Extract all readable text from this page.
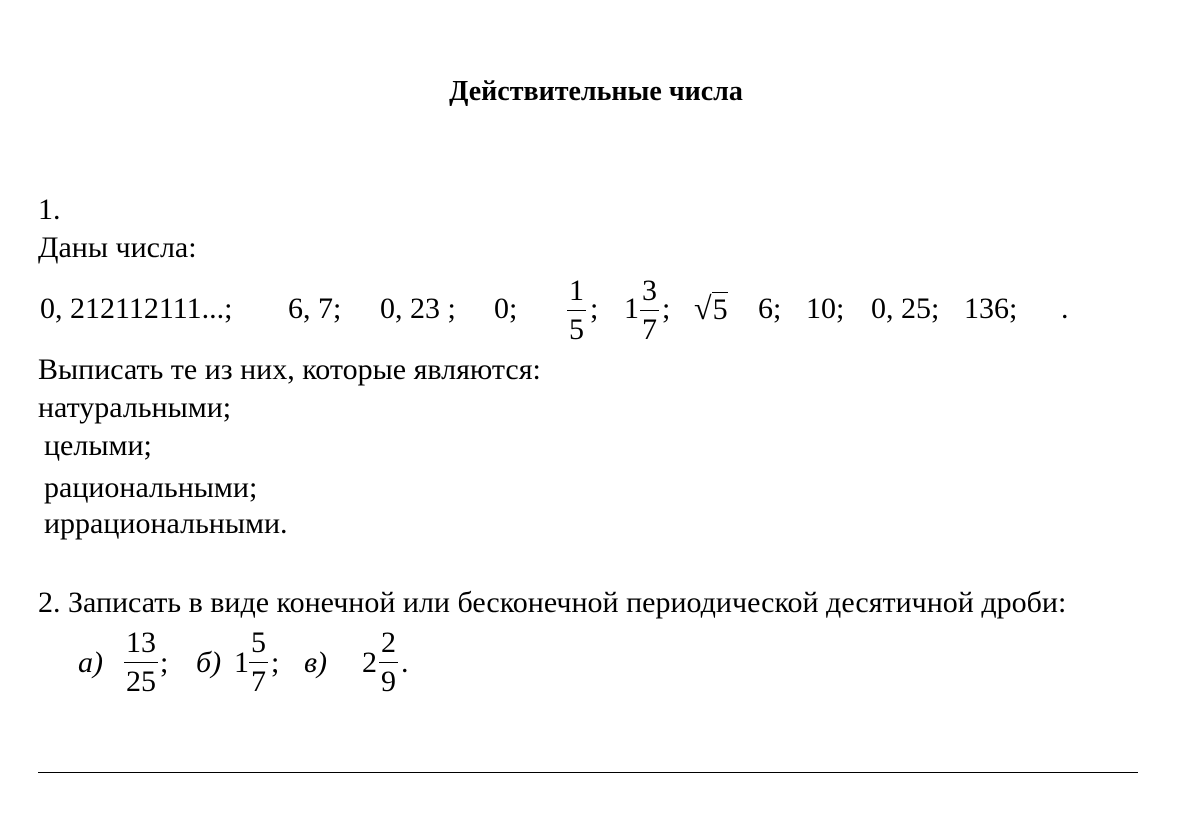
Действительные числа
1.
Даны числа:
0, 212112111...; 6, 7; 0, 23 ; 0;
1
5
; 1
3
7
; √5 6; 10; 0, 25; 136; .
Выписать те из них, которые являются:
натуральными;
целыми;
рациональными;
иррациональными.
2. Записать в виде конечной или бесконечной периодической десятичной дроби:
а)
13
25
; б) 1
5
7
; в) 2
2
9
.
